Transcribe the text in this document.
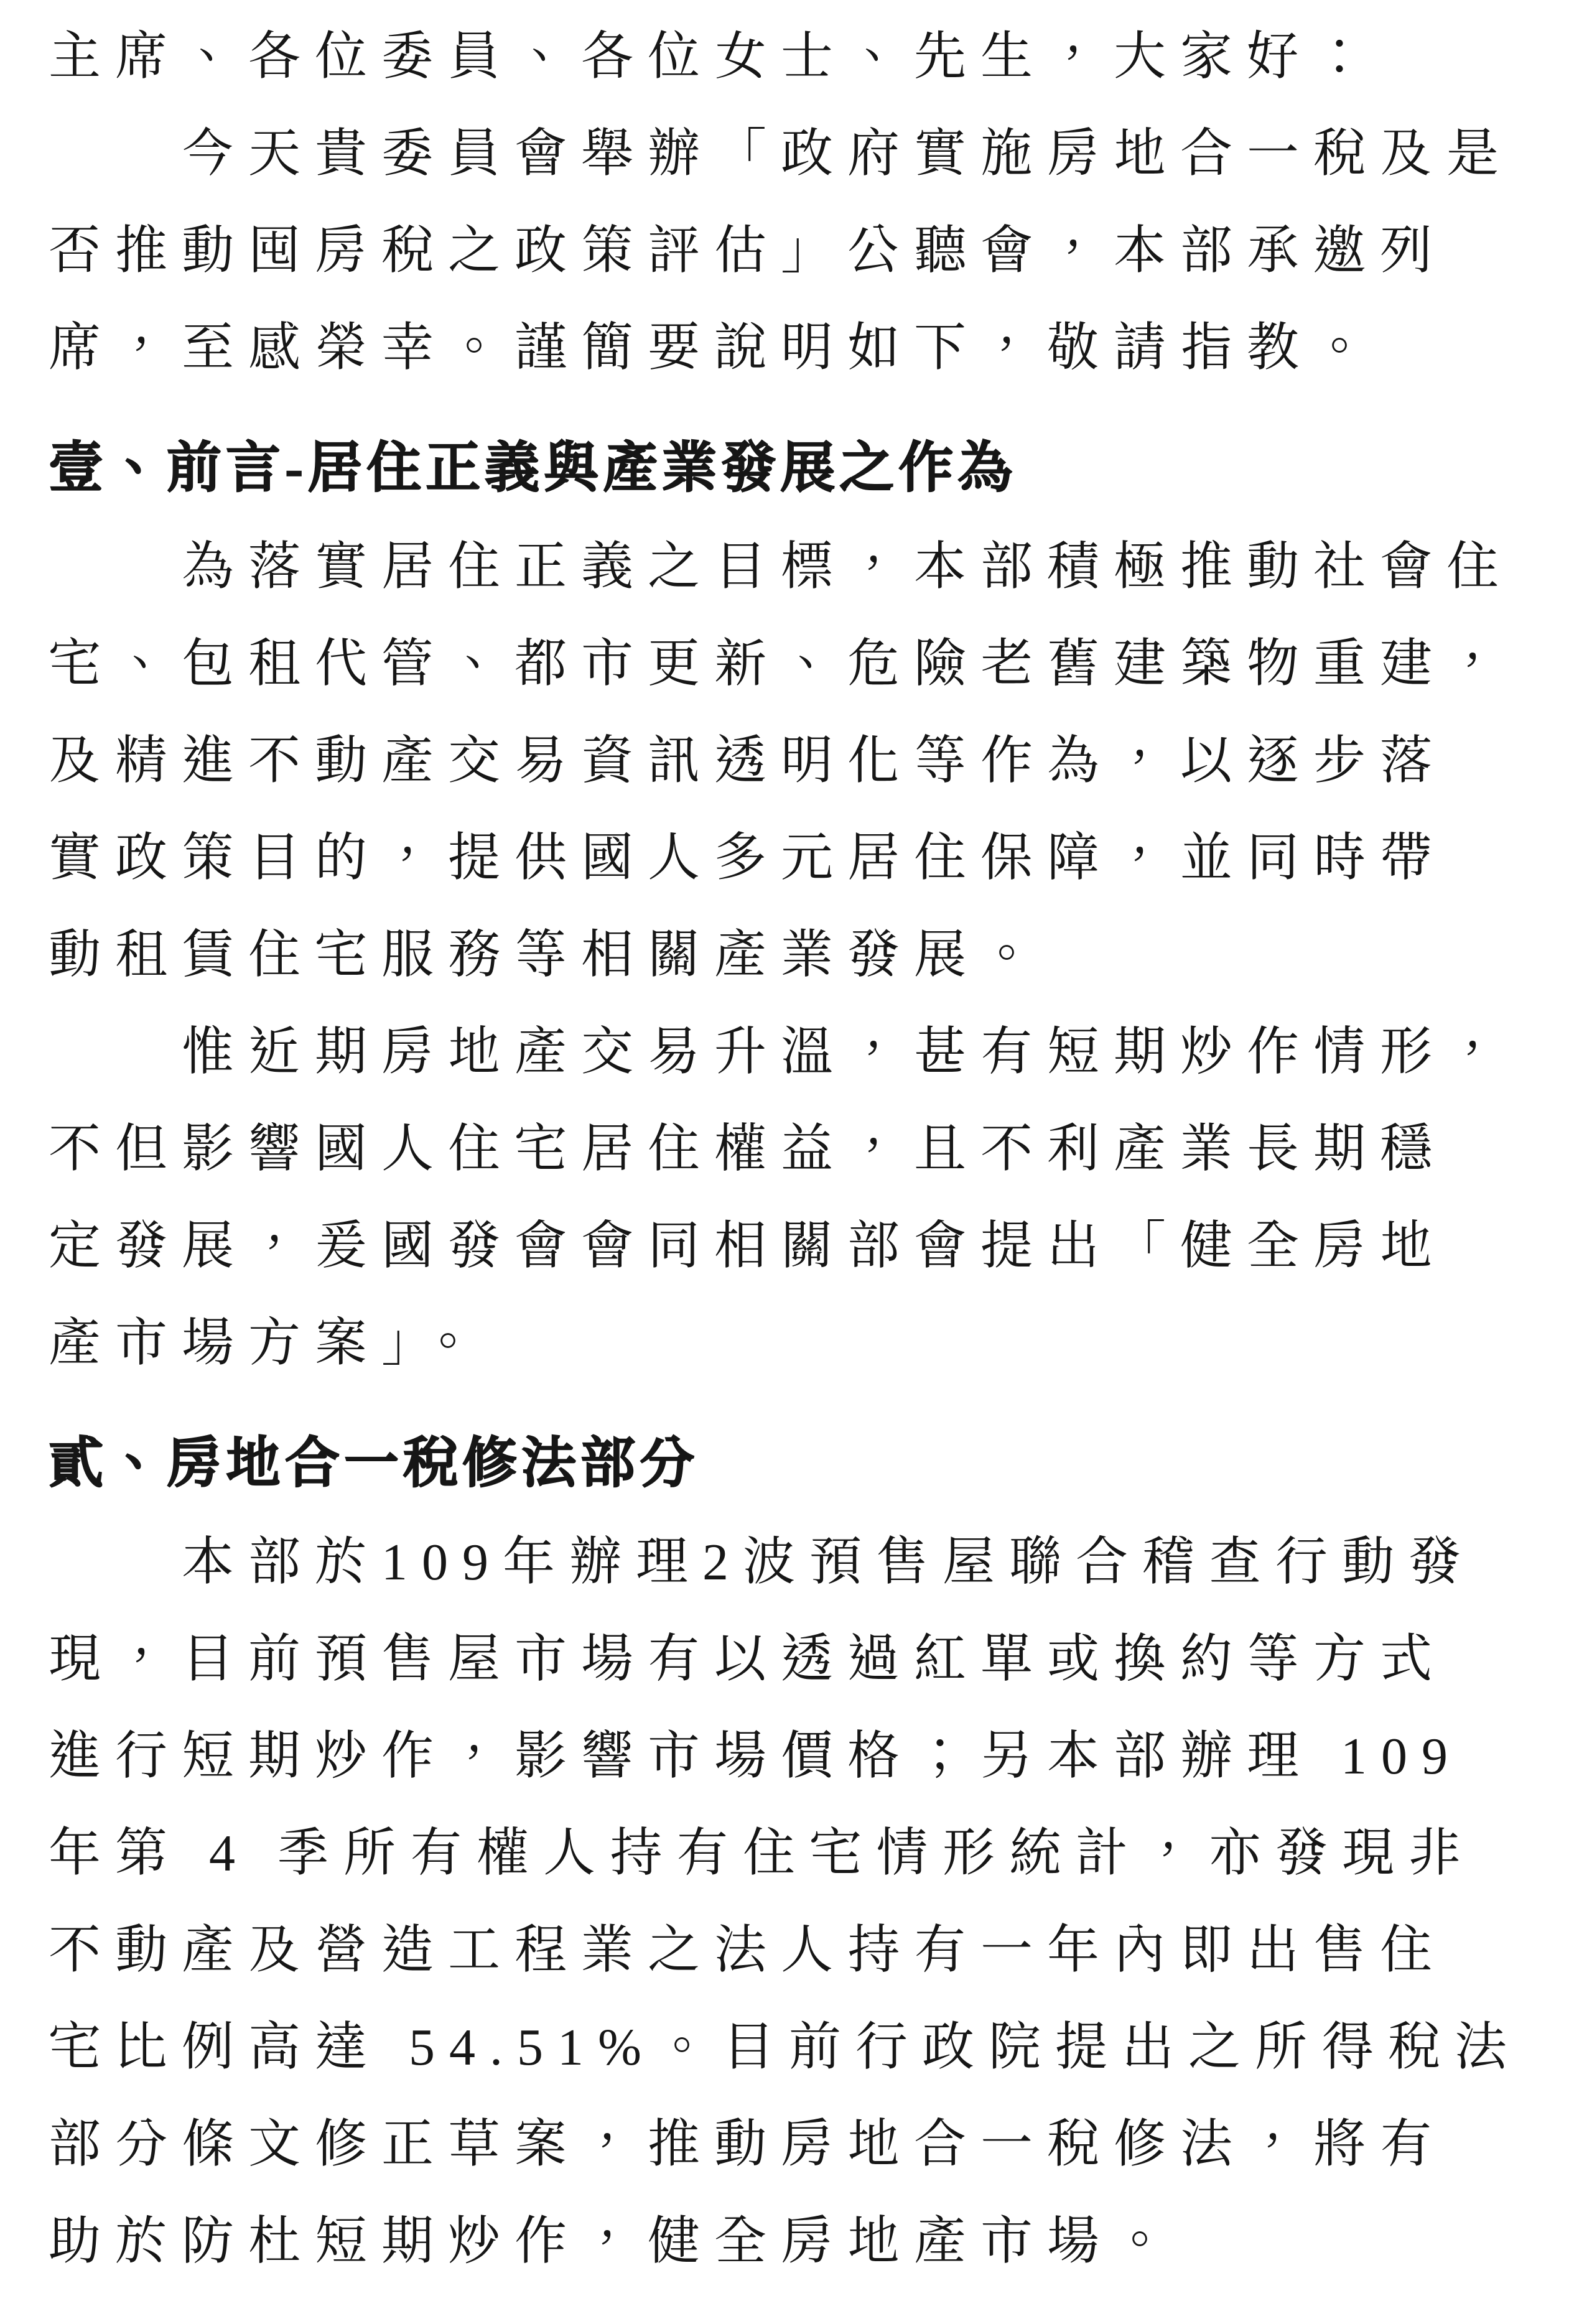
主席、各位委員、各位女士、先生，大家好：
今天貴委員會舉辦「政府實施房地合一稅及是
否推動囤房稅之政策評估」公聽會，本部承邀列
席，至感榮幸。謹簡要說明如下，敬請指教。
壹、前言-居住正義與產業發展之作為
為落實居住正義之目標，本部積極推動社會住
宅、包租代管、都市更新、危險老舊建築物重建，
及精進不動產交易資訊透明化等作為，以逐步落
實政策目的，提供國人多元居住保障，並同時帶
動租賃住宅服務等相關產業發展。
惟近期房地產交易升溫，甚有短期炒作情形，
不但影響國人住宅居住權益，且不利產業長期穩
定發展，爰國發會會同相關部會提出「健全房地
產市場方案」。
貳、房地合一稅修法部分
本部於109年辦理2波預售屋聯合稽查行動發
現，目前預售屋市場有以透過紅單或換約等方式
進行短期炒作，影響市場價格；另本部辦理 109
年第 4 季所有權人持有住宅情形統計，亦發現非
不動產及營造工程業之法人持有一年內即出售住
宅比例高達 54.51%。目前行政院提出之所得稅法
部分條文修正草案，推動房地合一稅修法，將有
助於防杜短期炒作，健全房地產市場。
